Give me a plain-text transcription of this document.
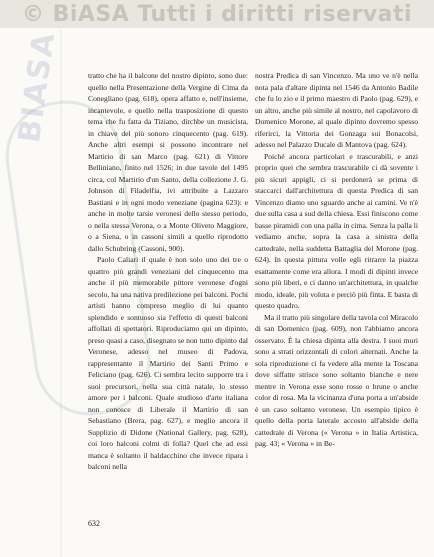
© BiASA Tutti i diritti riservati
BIASA	tratto che ha il balcone del nostro dipinto, sono due: quello nella Presentazione della Vergine di Cima da Conegliano (pag. 618), opera affatto e, nell'insieme, incantevole, e quello nella trasposizione di questo tema che fu fatta da Tiziano, dirchbe un musicista, in chiave del più sonoro cinquecento (pag. 619). Anche altri esempi si possono incontrare nel Martirio di san Marco (pag. 621) di Vittore Belliniano, finito nel 1526; in due tavole del 1495 circa, col Martirio d'un Santo, della collezione J. G. Johnson di Filadelfia, ivi attribuite a Lazzaro Bastiani e in ogni modo veneziane (pagina 623): e anche in molte tarsie veronesi dello stesso periodo, o nella stessa Verona, o a Monte Oliveto Maggiore, o a Siena, o in cassoni simili a quello riprodotto dallo Schubring (Cassoni, 900).

Paolo Caliari il quale è non solo uno dei tre o quattro più grandi veneziani del cinquecento ma anche il più memorabile pittore veronese d'ogni secolo, ha una nativa predilezione pei balconi. Pochi artisti hanno compreso meglio di lui quanto splendido e sontuoso sia l'effetto di questi balconi affollati di spettatori. Riproduciamo qui un dipinto, preso quasi a caso, disegnato se non tutto dipinto dal Veronese, adesso nel museo di Padova, rappresentante il Martirio dei Santi Primo e Feliciano (pag. 626). Ci sembra lecito supporre tra i suoi precursori, nella sua città natale, lo stesso amore per i balconi. Quale studioso d'arte italiana non conosce di Liberale il Martirio di san Sebastiano (Brera, pag. 627), e meglio ancora il Supplizio di Didone (National Gallery, pag. 628), coi loro balconi colmi di folla? Quel che ad essi manca è soltanto il baldacchino che invece ripara i balconi nella

nostra Predica di san Vincenzo. Ma uno ve n'è nella nota pala d'altare dipinta nel 1546 da Antonio Badile che fu lo zio e il primo maestro di Paolo (pag. 629), e un altro, anche più simile al nostro, nel capolavoro di Domenico Morone, al quale dipinto dovremo spesso riferirci, la Vittoria dei Gonzaga sui Bonacolsi, adesso nel Palazzo Ducale di Mantova (pag. 624).

Poiché ancora particolari e trascurabili, e anzi proprio quei che sembra trascurabile ci dà sovente i più sicuri appigli, ci si perdonerà se prima di staccarci dall'architettura di questa Predica di san Vincenzo diamo uno sguardo anche ai camini. Ve n'è due sulla casa a sud della chiesa. Essi finiscono come basse piramidi con una palla in cima. Senza la palla li vediamo anche, sopra la casa a sinistra della cattedrale, nella suddetta Battaglia del Morone (pag. 624). In questa pittura volle egli ritrarre la piazza esattamente come era allora. I modi di dipinti invece sono più liberi, e ci danno un'architettura, in qualche modo, ideale, più voluta e perciò più finta. E basta di questo quadro.

Ma il tratto più singolare della tavola col Miracolo di san Domenico (pag. 609), non l'abbiamo ancora osservato. È la chiesa dipinta alla destra. I suoi muri sono a strati orizzontali di colori alternati. Anche la sola riproduzione ci fa vedere alla mente la Toscana dove siffatte strisce sono soltanto bianche e nere mentre in Verona esse sono rosse o brune o anche color di rosa. Ma la vicinanza d'una porta a un'abside è un caso soltanto veronese. Un esempio tipico è quello della porta laterale accosto all'abside della cattedrale di Verona (« Verona » in Italia Artistica, pag. 43; « Verona » in Be-

632
